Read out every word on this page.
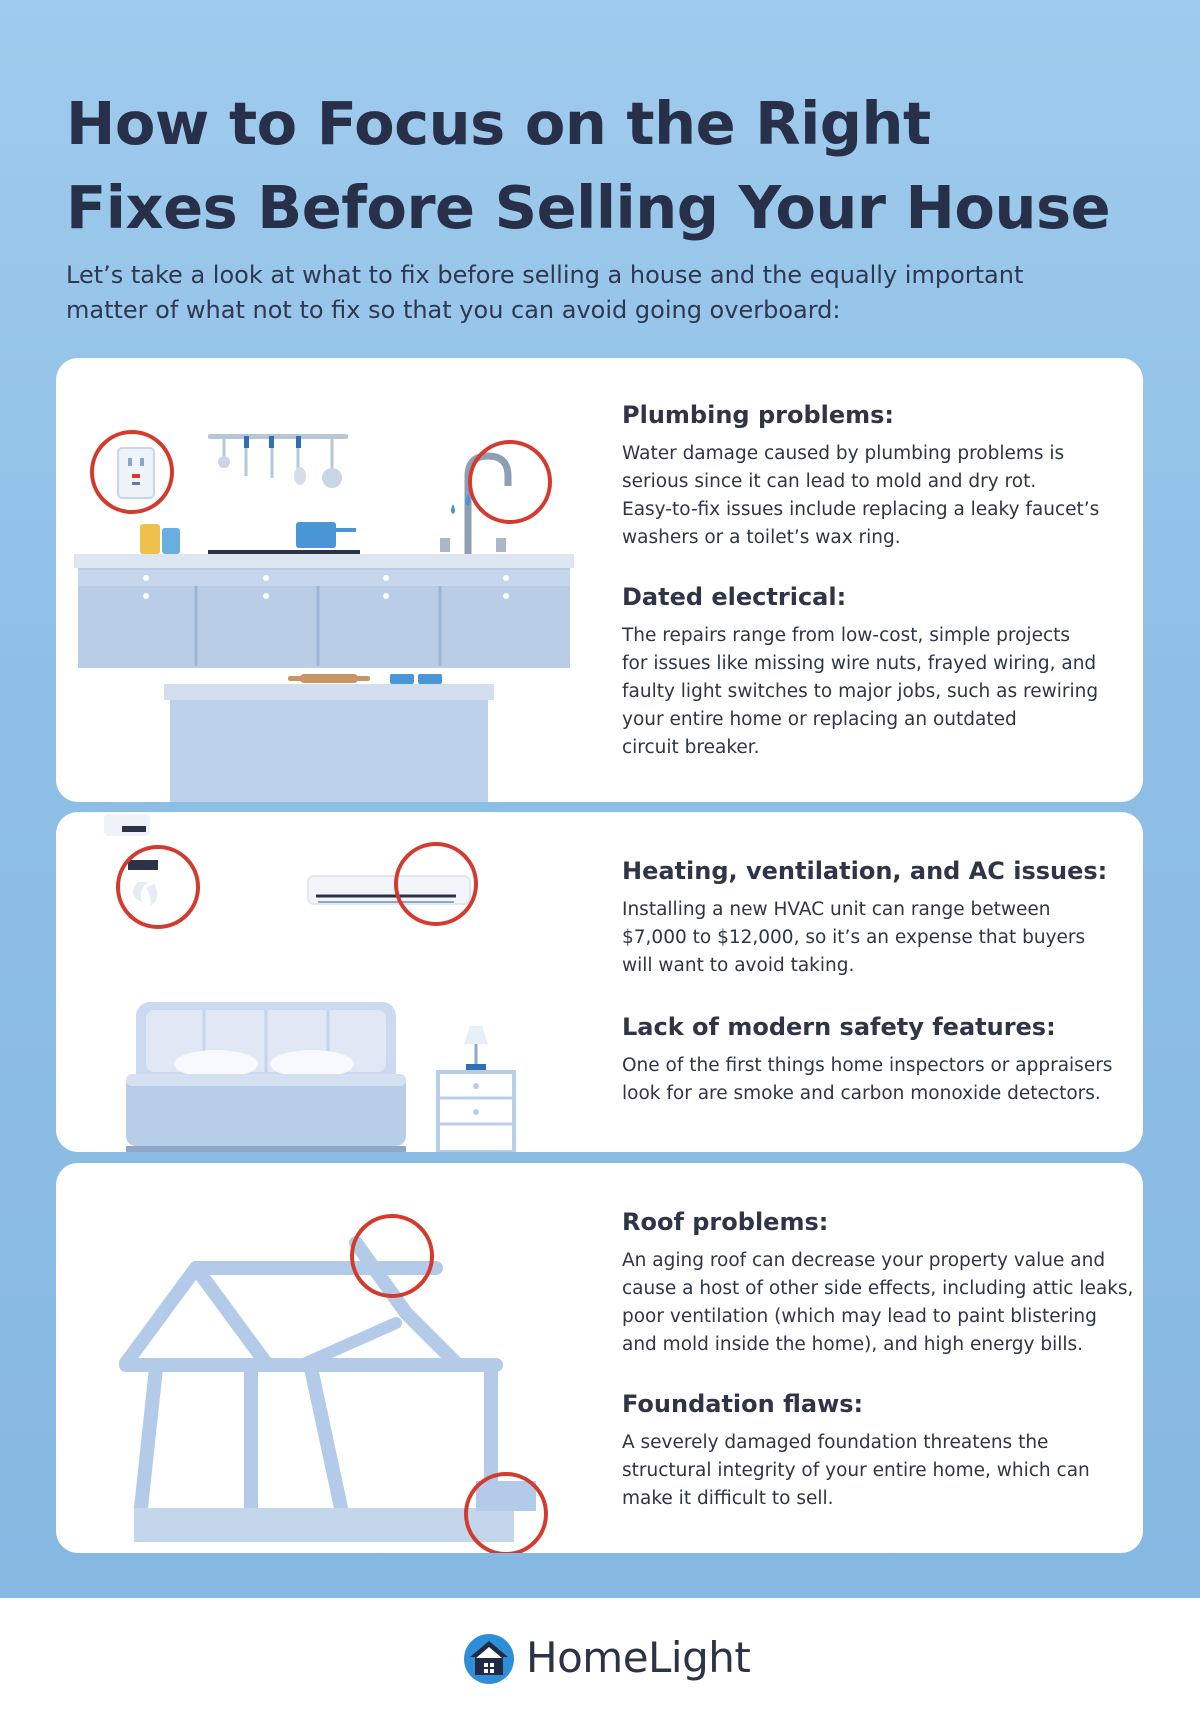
How to Focus on the Right
Fixes Before Selling Your House

Let’s take a look at what to fix before selling a house and the equally important
matter of what not to fix so that you can avoid going overboard:

Plumbing problems:

Water damage caused by plumbing problems is
serious since it can lead to mold and dry rot.
Easy-to-fix issues include replacing a leaky faucet’s
washers or a toilet’s wax ring.

Dated electrical:

The repairs range from low-cost, simple projects
for issues like missing wire nuts, frayed wiring, and
faulty light switches to major jobs, such as rewiring
your entire home or replacing an outdated
circuit breaker.

Heating, ventilation, and AC issues:

Installing a new HVAC unit can range between
$7,000 to $12,000, so it’s an expense that buyers
will want to avoid taking.

Lack of modern safety features:

One of the first things home inspectors or appraisers
look for are smoke and carbon monoxide detectors.

Roof problems:

An aging roof can decrease your property value and
cause a host of other side effects, including attic leaks,
poor ventilation (which may lead to paint blistering
and mold inside the home), and high energy bills.

Foundation flaws:

A severely damaged foundation threatens the
structural integrity of your entire home, which can
make it difficult to sell.

HomeLight
